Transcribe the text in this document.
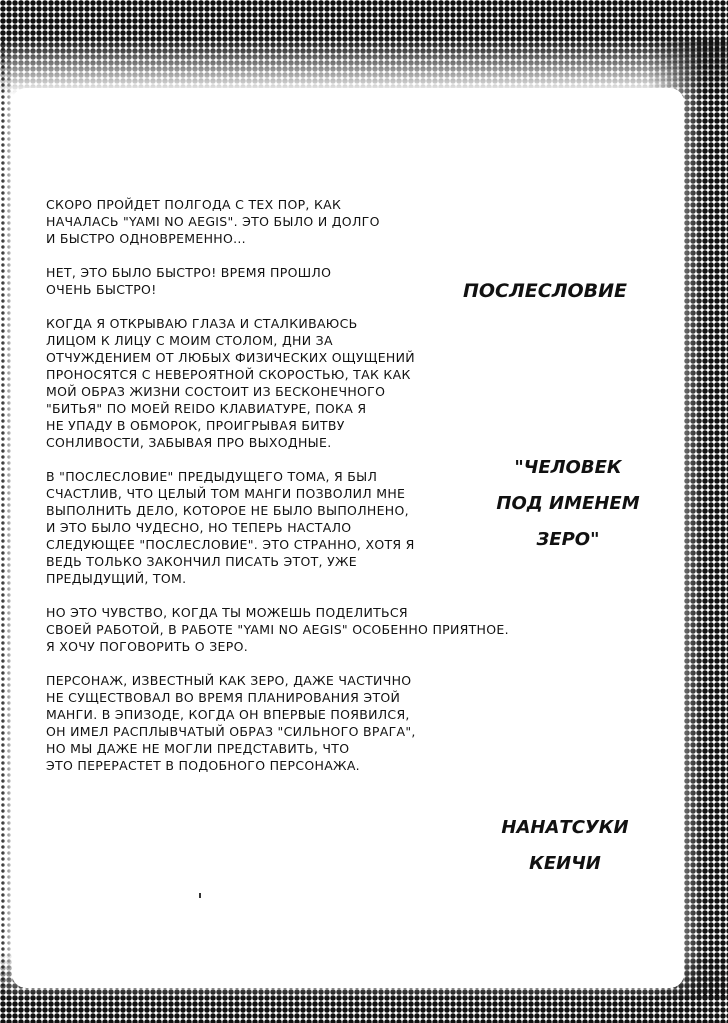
СКОРО ПРОЙДЕТ ПОЛГОДА С ТЕХ ПОР, КАК
НАЧАЛАСЬ "YAMI NO AEGIS". ЭТО БЫЛО И ДОЛГО
И БЫСТРО ОДНОВРЕМЕННО...

НЕТ, ЭТО БЫЛО БЫСТРО! ВРЕМЯ ПРОШЛО
ОЧЕНЬ БЫСТРО!

КОГДА Я ОТКРЫВАЮ ГЛАЗА И СТАЛКИВАЮСЬ
ЛИЦОМ К ЛИЦУ С МОИМ СТОЛОМ, ДНИ ЗА
ОТЧУЖДЕНИЕМ ОТ ЛЮБЫХ ФИЗИЧЕСКИХ ОЩУЩЕНИЙ
ПРОНОСЯТСЯ С НЕВЕРОЯТНОЙ СКОРОСТЬЮ, ТАК КАК
МОЙ ОБРАЗ ЖИЗНИ СОСТОИТ ИЗ БЕСКОНЕЧНОГО
"БИТЬЯ" ПО МОЕЙ REIDO КЛАВИАТУРЕ, ПОКА Я
НЕ УПАДУ В ОБМОРОК, ПРОИГРЫВАЯ БИТВУ
СОНЛИВОСТИ, ЗАБЫВАЯ ПРО ВЫХОДНЫЕ.

В "ПОСЛЕСЛОВИЕ" ПРЕДЫДУЩЕГО ТОМА, Я БЫЛ
СЧАСТЛИВ, ЧТО ЦЕЛЫЙ ТОМ МАНГИ ПОЗВОЛИЛ МНЕ
ВЫПОЛНИТЬ ДЕЛО, КОТОРОЕ НЕ БЫЛО ВЫПОЛНЕНО,
И ЭТО БЫЛО ЧУДЕСНО, НО ТЕПЕРЬ НАСТАЛО
СЛЕДУЮЩЕЕ "ПОСЛЕСЛОВИЕ". ЭТО СТРАННО, ХОТЯ Я
ВЕДЬ ТОЛЬКО ЗАКОНЧИЛ ПИСАТЬ ЭТОТ, УЖЕ
ПРЕДЫДУЩИЙ, ТОМ.

НО ЭТО ЧУВСТВО, КОГДА ТЫ МОЖЕШЬ ПОДЕЛИТЬСЯ
СВОЕЙ РАБОТОЙ, В РАБОТЕ "YAMI NO AEGIS" ОСОБЕННО ПРИЯТНОЕ.
Я ХОЧУ ПОГОВОРИТЬ О ЗЕРО.

ПЕРСОНАЖ, ИЗВЕСТНЫЙ КАК ЗЕРО, ДАЖЕ ЧАСТИЧНО
НЕ СУЩЕСТВОВАЛ ВО ВРЕМЯ ПЛАНИРОВАНИЯ ЭТОЙ
МАНГИ. В ЭПИЗОДЕ, КОГДА ОН ВПЕРВЫЕ ПОЯВИЛСЯ,
ОН ИМЕЛ РАСПЛЫВЧАТЫЙ ОБРАЗ "СИЛЬНОГО ВРАГА",
НО МЫ ДАЖЕ НЕ МОГЛИ ПРЕДСТАВИТЬ, ЧТО
ЭТО ПЕРЕРАСТЕТ В ПОДОБНОГО ПЕРСОНАЖА.

ПОСЛЕСЛОВИЕ
"ЧЕЛОВЕК
ПОД ИМЕНЕМ
ЗЕРО"
НАНАТСУКИ
КЕИЧИ
